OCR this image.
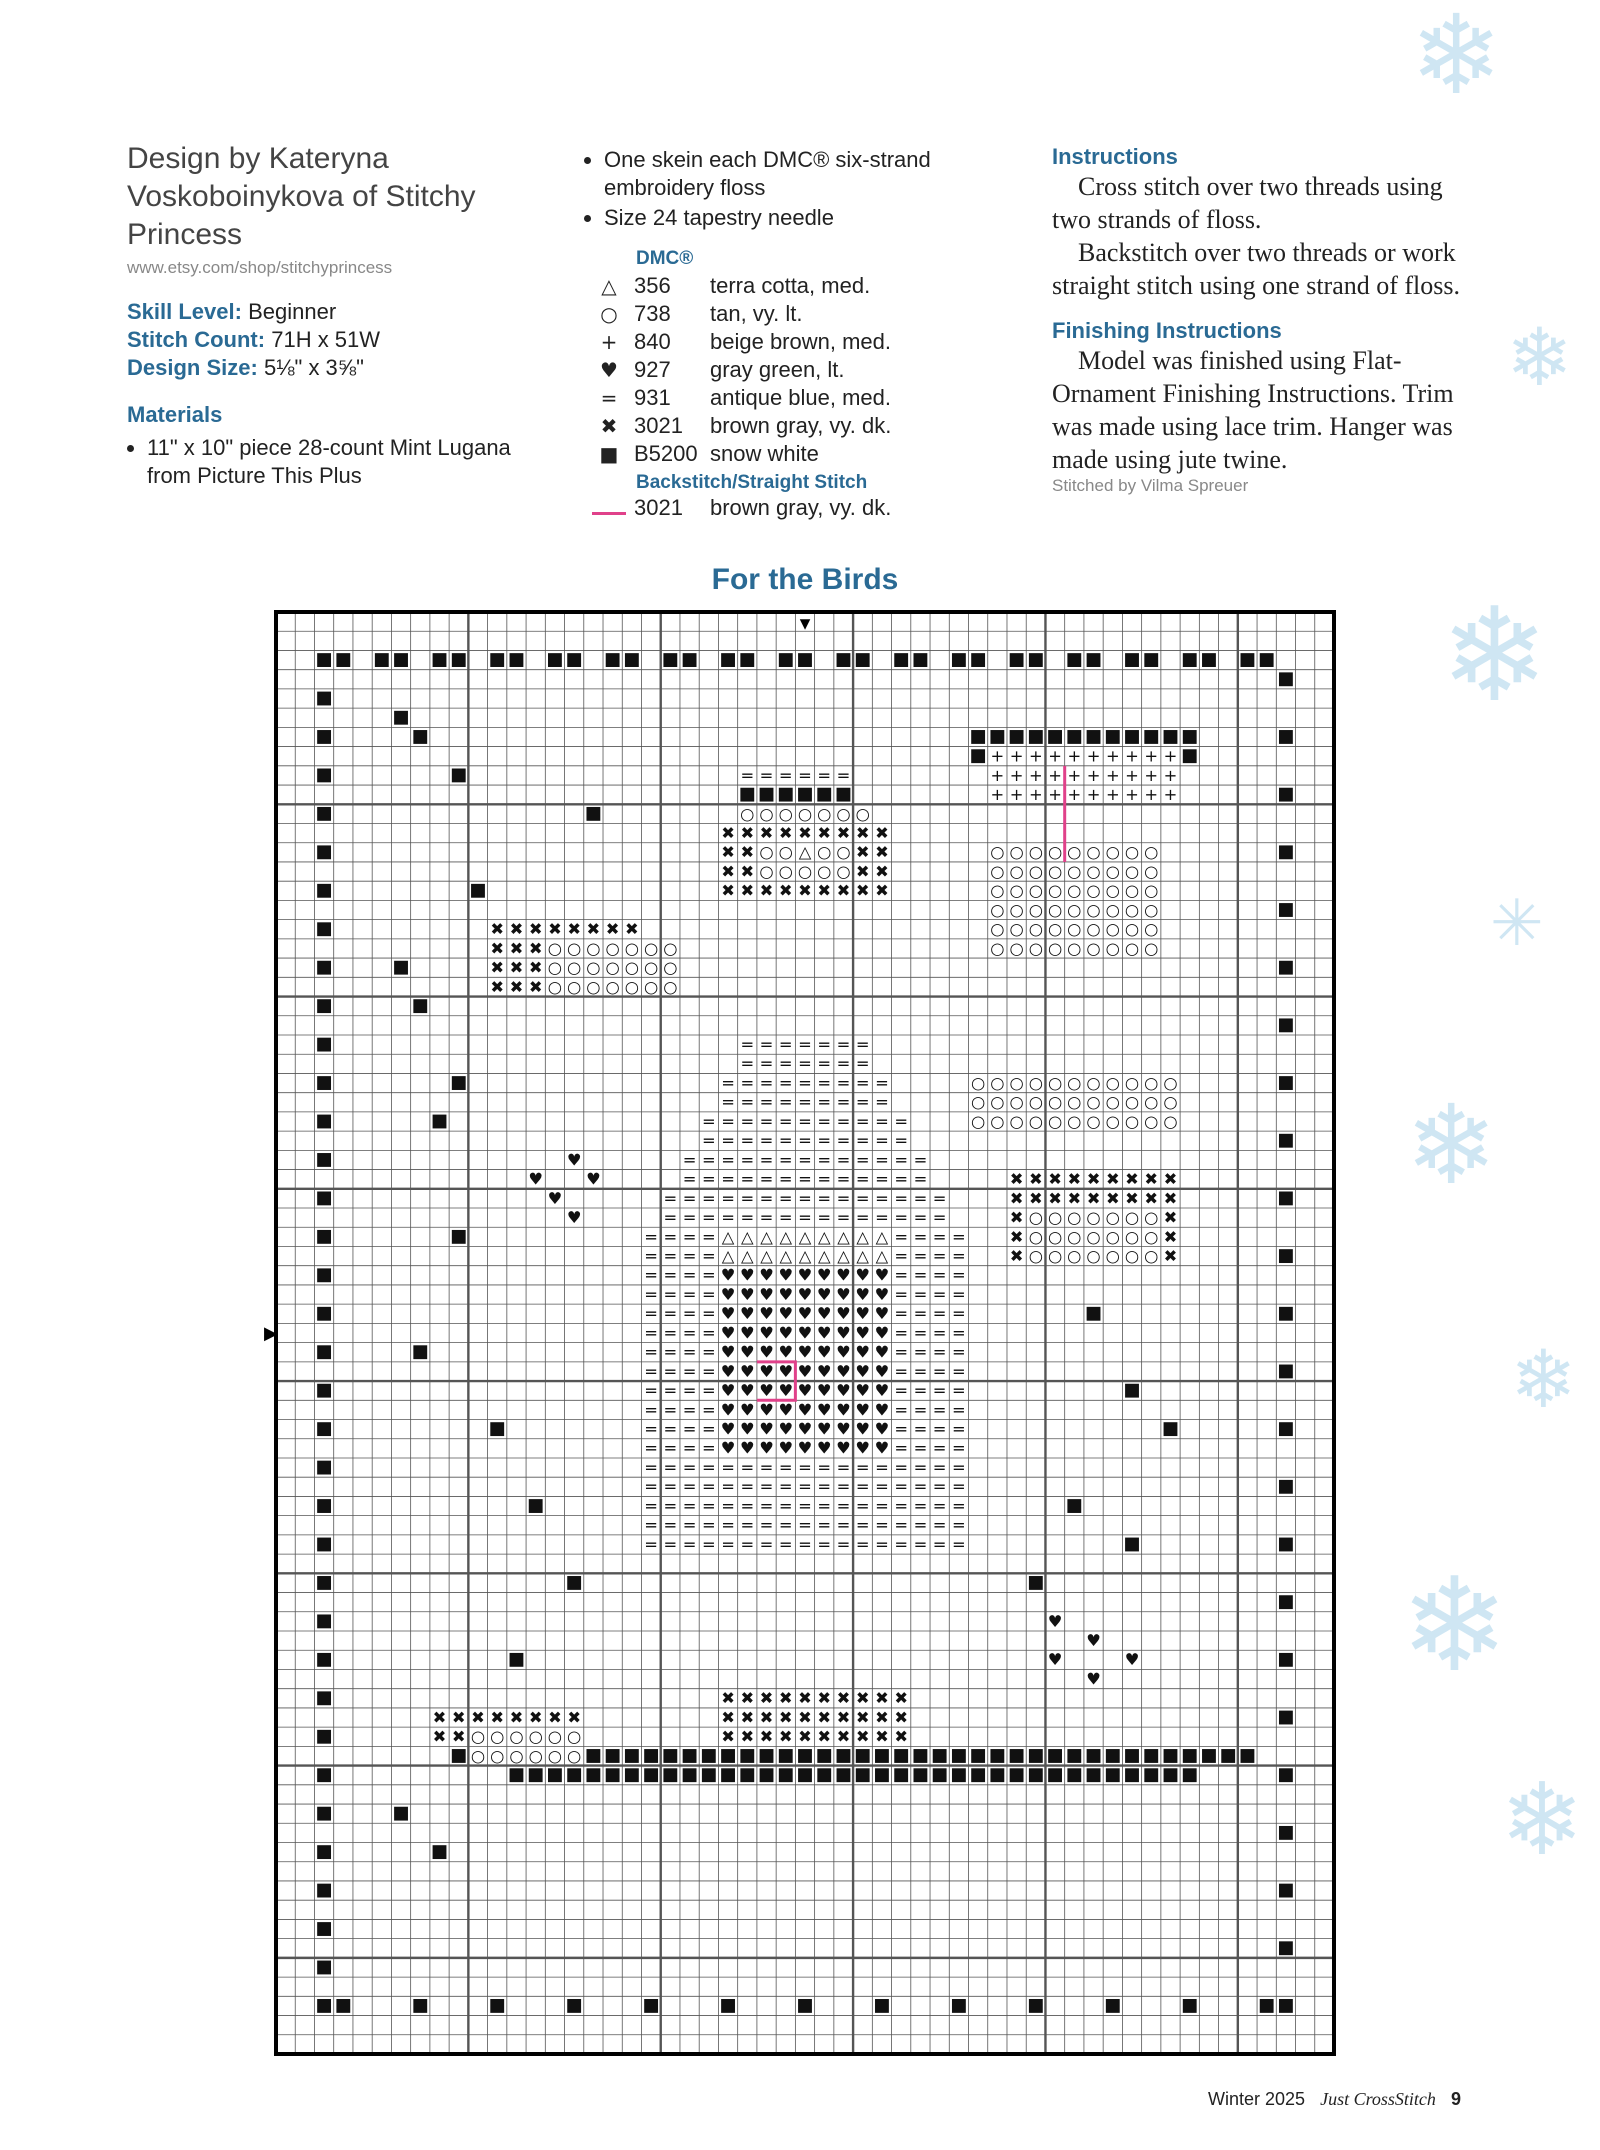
❄
❄
❄
✳
❄
❄
❄
❄
Design by Kateryna Voskoboinykova of Stitchy Princess
www.etsy.com/shop/stitchyprincess
Skill Level: Beginner
Stitch Count: 71H x 51W
Design Size: 5⅛" x 3⅝"
Materials
• 11" x 10" piece 28-count Mint Lugana from Picture This Plus
• One skein each DMC® six-strand embroidery floss
• Size 24 tapestry needle
DMC®
△ 356	terra cotta, med.
○ 738	tan, vy. lt.
+ 840	beige brown, med.
♥ 927	gray green, lt.
= 931	antique blue, med.
✖ 3021	brown gray, vy. dk.
■ B5200 snow white
Backstitch/Straight Stitch
3021	brown gray, vy. dk.
Instructions
Cross stitch over two threads using two strands of floss.
Backstitch over two threads or work straight stitch using one strand of floss.
Finishing Instructions
Model was finished using Flat-Ornament Finishing Instructions. Trim was made using lace trim. Hanger was made using jute twine.
Stitched by Vilma Spreuer
For the Birds
▼
▶
= = = = = = =
= = = = = = =
= = = = = = = = =
= = = = = = = = =
= = = = = = = = = = =
= = = = = = = = = = =
= = = = = = = = = = = = =
= = = = = = = = = = = = =
= = = = = = = = = = = = = = =
= = = = = = = = = = = = = = =
= = = = △ △ △ △ △ △ △ △ △ = = = =
= = = = △ △ △ △ △ △ △ △ △ = = = =
= = = = ♥ ♥ ♥ ♥ ♥ ♥ ♥ ♥ ♥ = = = =
= = = = ♥ ♥ ♥ ♥ ♥ ♥ ♥ ♥ ♥ = = = =
= = = = ♥ ♥ ♥ ♥ ♥ ♥ ♥ ♥ ♥ = = = =
= = = = ♥ ♥ ♥ ♥ ♥ ♥ ♥ ♥ ♥ = = = =
= = = = ♥ ♥ ♥ ♥ ♥ ♥ ♥ ♥ ♥ = = = =
= = = = ♥ ♥ ♥ ♥ ♥ ♥ ♥ ♥ ♥ = = = =
= = = = ♥ ♥ ♥ ♥ ♥ ♥ ♥ ♥ ♥ = = = =
= = = = ♥ ♥ ♥ ♥ ♥ ♥ ♥ ♥ ♥ = = = =
= = = = ♥ ♥ ♥ ♥ ♥ ♥ ♥ ♥ ♥ = = = =
= = = = ♥ ♥ ♥ ♥ ♥ ♥ ♥ ♥ ♥ = = = =
= = = = = = = = = = = = = = = = =
= = = = = = = = = = = = = = = = =
= = = = = = = = = = = = = = = = =
= = = = = = = = = = = = = = = = =
= = = = = = = = = = = = = = = = =
○ ○ ○ ○ ○ ○ ○
✖ ✖ ✖ ✖ ✖ ✖ ✖
✖ ○ ○ △ ○ ○ ✖
✖ ○ ○ ○ ○ ○ ✖
✖ ✖ ✖ ✖ ✖ ✖ ✖
✖	✖
✖	✖
✖	✖
✖	✖
= = = = = =
○ ○ ○ ○ ○ ○
✖ ✖ ✖ ✖ ✖ ✖ ✖ ✖ ✖ ✖
✖ ✖ ✖ ✖ ✖ ✖ ✖ ✖ ✖ ✖
✖ ✖ ✖ ✖ ✖ ✖ ✖ ✖ ✖ ✖
✖ ✖ ✖ ✖ ✖ ✖ ✖ ✖
✖ ✖ ✖ ○ ○ ○ ○ ○
✖ ✖ ✖ ○ ○ ○ ○ ○
✖ ✖ ✖ ○ ○ ○ ○ ○
○ ○
○ ○
○ ○
✖ ✖ ✖ ✖ ✖ ✖ ✖ ✖
✖ ✖ ○ ○ ○ ○ ○ ○
+ + + + + + + + + +
+ + + + + + + + + +
+ + + + + + + + + +
○ ○ ○ ○ ○ ○ ○ ○ ○
○ ○ ○ ○ ○ ○ ○ ○ ○
○ ○ ○ ○ ○ ○ ○ ○ ○
○ ○ ○ ○ ○ ○ ○ ○ ○
○ ○ ○ ○ ○ ○ ○ ○ ○
○ ○ ○ ○ ○ ○ ○ ○ ○
○ ○ ○ ○ ○ ○ ○ ○ ○ ○ ○
○ ○ ○ ○ ○ ○ ○ ○ ○ ○ ○
○ ○ ○ ○ ○ ○ ○ ○ ○ ○ ○
✖ ✖ ✖ ✖ ✖ ✖ ✖ ✖ ✖
✖ ✖ ✖ ✖ ✖ ✖ ✖ ✖ ✖
✖ ○ ○ ○ ○ ○ ○ ○ ✖
✖ ○ ○ ○ ○ ○ ○ ○ ✖
✖ ○ ○ ○ ○ ○ ○ ○ ✖
♥
♥	♥
♥
♥
♥
♥
♥	♥
♥
Winter 2025 Just CrossStitch 9
